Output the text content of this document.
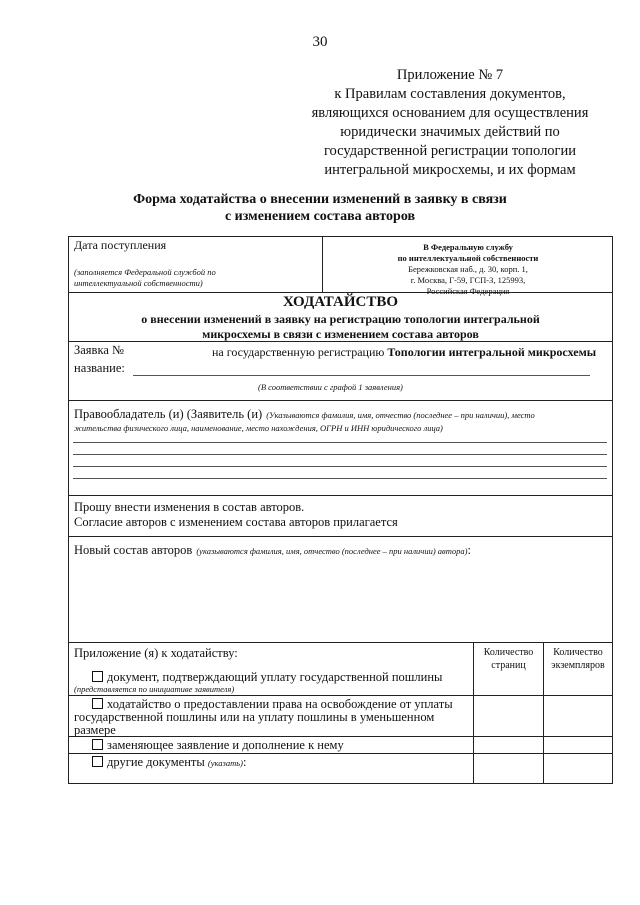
30
Приложение № 7
к Правилам составления документов,
являющихся основанием для осуществления
юридически значимых действий по
государственной регистрации топологии
интегральной микросхемы, и их формам
Форма ходатайства о внесении изменений в заявку в связи
с изменением состава авторов
Дата поступления
(заполняется Федеральной службой по
интеллектуальной собственности)
В Федеральную службу
по интеллектуальной собственности
Бережковская наб., д. 30, корп. 1,
г. Москва, Г-59, ГСП-3, 125993,
Российская Федерация
ХОДАТАЙСТВО
о внесении изменений в заявку на регистрацию топологии интегральной
микросхемы в связи с изменением состава авторов
Заявка №	на государственную регистрацию Топологии интегральной микросхемы
название:
(В соответствии с графой 1 заявления)
Правообладатель (и) (Заявитель (и) (Указываются фамилия, имя, отчество (последнее – при наличии), место
жительства физического лица, наименование, место нахождения, ОГРН и ИНН юридического лица)
Прошу внести изменения в состав авторов.
Согласие авторов с изменением состава авторов прилагается
Новый состав авторов (указываются фамилия, имя, отчество (последнее – при наличии) автора):
Приложение (я) к ходатайству:	Количество
страниц
Количество
экземпляров
документ, подтверждающий уплату государственной пошлины
(представляется по инициативе заявителя)
ходатайство о предоставлении права на освобождение от уплаты
государственной пошлины или на уплату пошлины в уменьшенном
размере
заменяющее заявление и дополнение к нему
другие документы (указать):
